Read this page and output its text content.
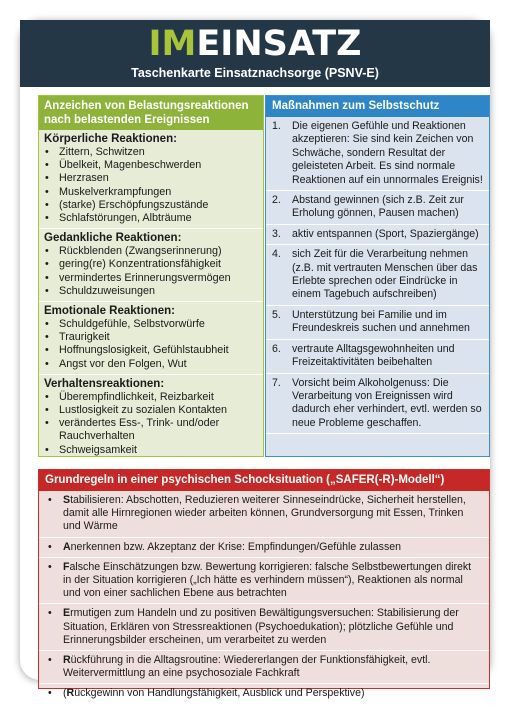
IMEINSATZ
Taschenkarte Einsatznachsorge (PSNV-E)
Anzeichen von Belastungsreaktionen nach belastenden Ereignissen
Körperliche Reaktionen:
• Zittern, Schwitzen
• Übelkeit, Magenbeschwerden
• Herzrasen
• Muskelverkrampfungen
• (starke) Erschöpfungszustände
• Schlafstörungen, Albträume
Gedankliche Reaktionen:
• Rückblenden (Zwangserinnerung)
• gering(re) Konzentrationsfähigkeit
• vermindertes Erinnerungsvermögen
• Schuldzuweisungen
Emotionale Reaktionen:
• Schuldgefühle, Selbstvorwürfe
• Traurigkeit
• Hoffnungslosigkeit, Gefühlstaubheit
• Angst vor den Folgen, Wut
Verhaltensreaktionen:
• Überempfindlichkeit, Reizbarkeit
• Lustlosigkeit zu sozialen Kontakten
• verändertes Ess-, Trink- und/oder Rauchverhalten
• Schweigsamkeit
Maßnahmen zum Selbstschutz
1.	Die eigenen Gefühle und Reaktionen akzeptieren: Sie sind kein Zeichen von Schwäche, sondern Resultat der geleisteten Arbeit. Es sind normale Reaktionen auf ein unnormales Ereignis!
2.	Abstand gewinnen (sich z.B. Zeit zur Erholung gönnen, Pausen machen)
3.	aktiv entspannen (Sport, Spaziergänge)
4.	sich Zeit für die Verarbeitung nehmen (z.B. mit vertrauten Menschen über das Erlebte sprechen oder Eindrücke in einem Tagebuch aufschreiben)
5.	Unterstützung bei Familie und im Freundeskreis suchen und annehmen
6.	vertraute Alltagsgewohnheiten und Freizeitaktivitäten beibehalten
7.	Vorsicht beim Alkoholgenuss: Die Verarbeitung von Ereignissen wird dadurch eher verhindert, evtl. werden so neue Probleme geschaffen.
Grundregeln in einer psychischen Schocksituation („SAFER(-R)-Modell“)
• Stabilisieren: Abschotten, Reduzieren weiterer Sinneseindrücke, Sicherheit herstellen, damit alle Hirnregionen wieder arbeiten können, Grundversorgung mit Essen, Trinken und Wärme
• Anerkennen bzw. Akzeptanz der Krise: Empfindungen/Gefühle zulassen
• Falsche Einschätzungen bzw. Bewertung korrigieren: falsche Selbstbewertungen direkt in der Situation korrigieren („Ich hätte es verhindern müssen“), Reaktionen als normal und von einer sachlichen Ebene aus betrachten
• Ermutigen zum Handeln und zu positiven Bewältigungsversuchen: Stabilisierung der Situation, Erklären von Stressreaktionen (Psychoedukation); plötzliche Gefühle und Erinnerungsbilder erscheinen, um verarbeitet zu werden
• Rückführung in die Alltagsroutine: Wiedererlangen der Funktionsfähigkeit, evtl. Weitervermittlung an eine psychosoziale Fachkraft
• (Rückgewinn von Handlungsfähigkeit, Ausblick und Perspektive)
